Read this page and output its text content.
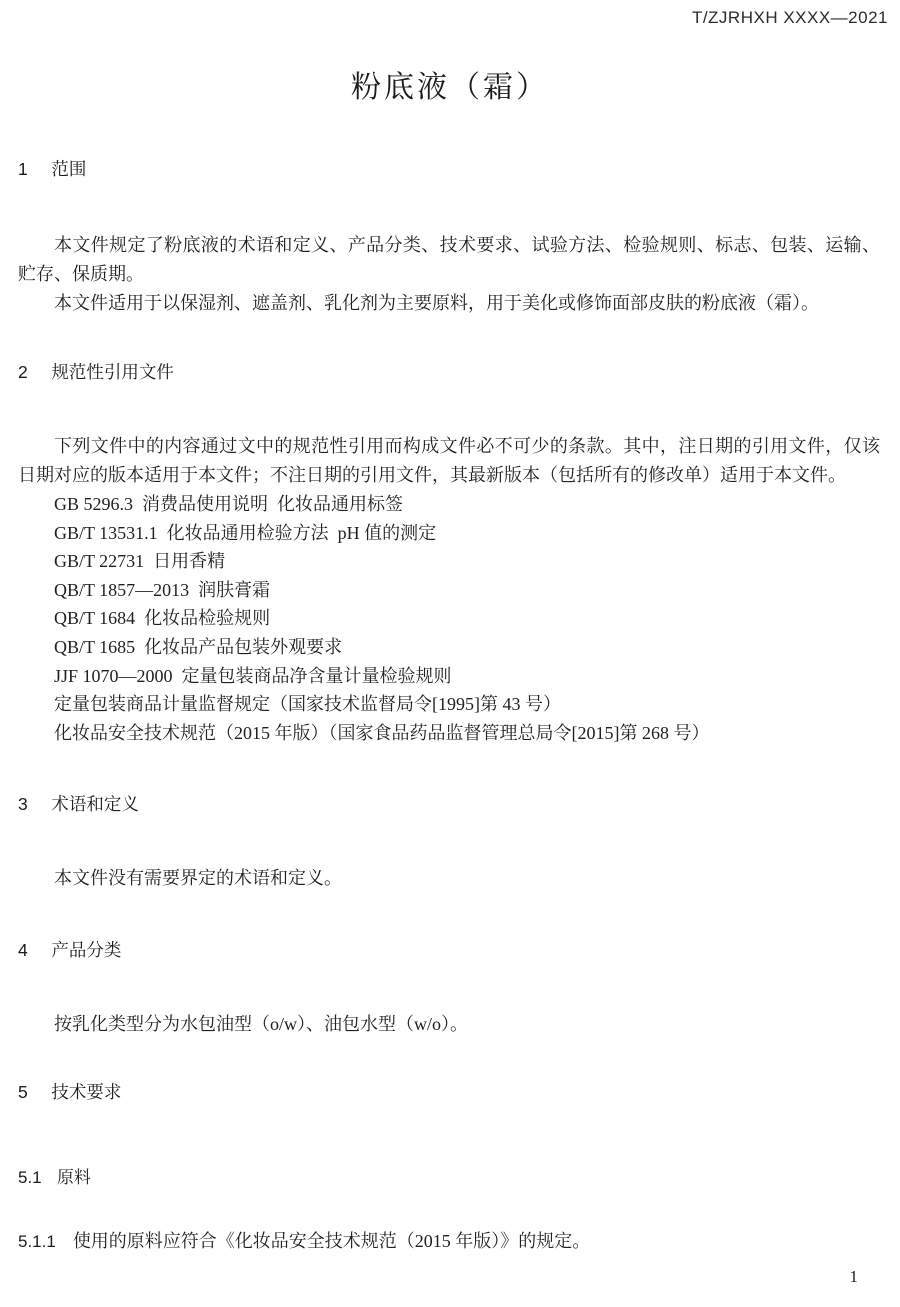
T/ZJRHXH XXXX—2021
粉底液（霜）
1 范围

本文件规定了粉底液的术语和定义、产品分类、技术要求、试验方法、检验规则、标志、包装、运输、贮存、保质期。

本文件适用于以保湿剂、遮盖剂、乳化剂为主要原料，用于美化或修饰面部皮肤的粉底液（霜）。

2 规范性引用文件

下列文件中的内容通过文中的规范性引用而构成文件必不可少的条款。其中，注日期的引用文件，仅该日期对应的版本适用于本文件；不注日期的引用文件，其最新版本（包括所有的修改单）适用于本文件。

GB 5296.3  消费品使用说明  化妆品通用标签

GB/T 13531.1  化妆品通用检验方法  pH 值的测定

GB/T 22731  日用香精

QB/T 1857—2013  润肤膏霜

QB/T 1684  化妆品检验规则

QB/T 1685  化妆品产品包装外观要求

JJF 1070—2000  定量包装商品净含量计量检验规则

定量包装商品计量监督规定（国家技术监督局令[1995]第 43 号）

化妆品安全技术规范（2015 年版）（国家食品药品监督管理总局令[2015]第 268 号）

3 术语和定义

本文件没有需要界定的术语和定义。

4 产品分类

按乳化类型分为水包油型（o/w）、油包水型（w/o）。

5 技术要求
5.1 原料

5.1.1 使用的原料应符合《化妆品安全技术规范（2015 年版）》的规定。

1
